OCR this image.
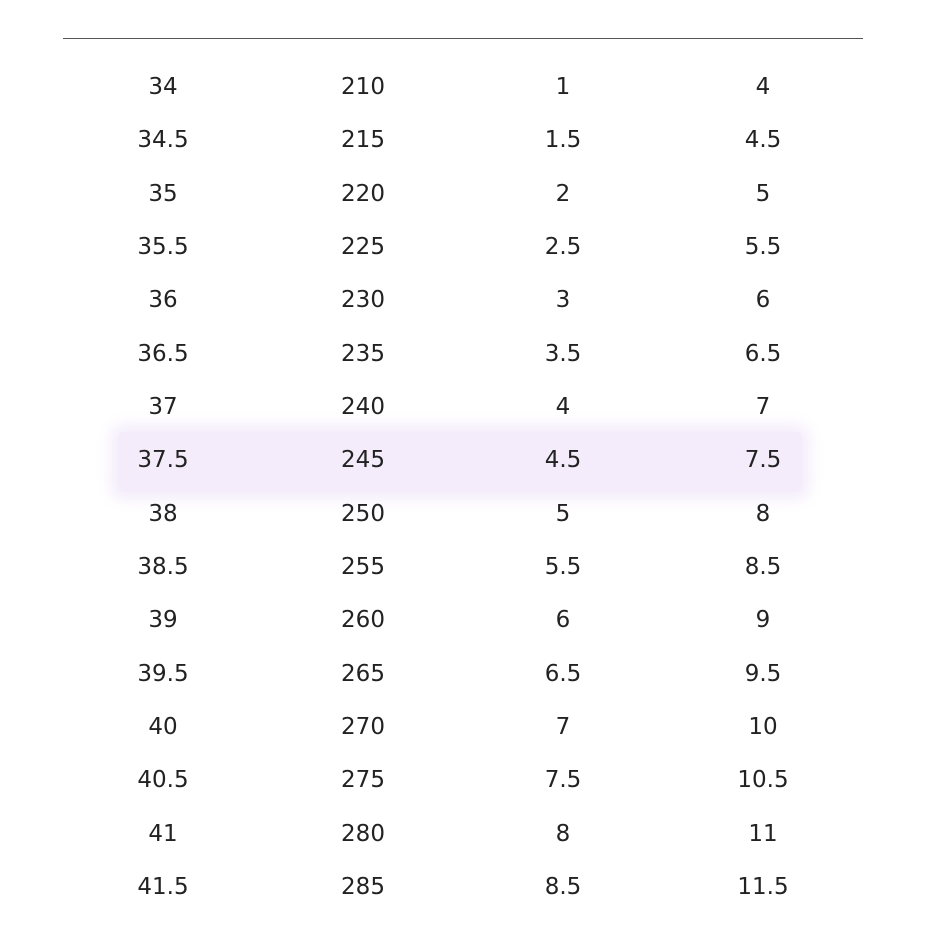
34	210	1	4
34.5	215	1.5	4.5
35	220	2	5
35.5	225	2.5	5.5
36	230	3	6
36.5	235	3.5	6.5
37	240	4	7
37.5	245	4.5	7.5
38	250	5	8
38.5	255	5.5	8.5
39	260	6	9
39.5	265	6.5	9.5
40	270	7	10
40.5	275	7.5	10.5
41	280	8	11
41.5	285	8.5	11.5
